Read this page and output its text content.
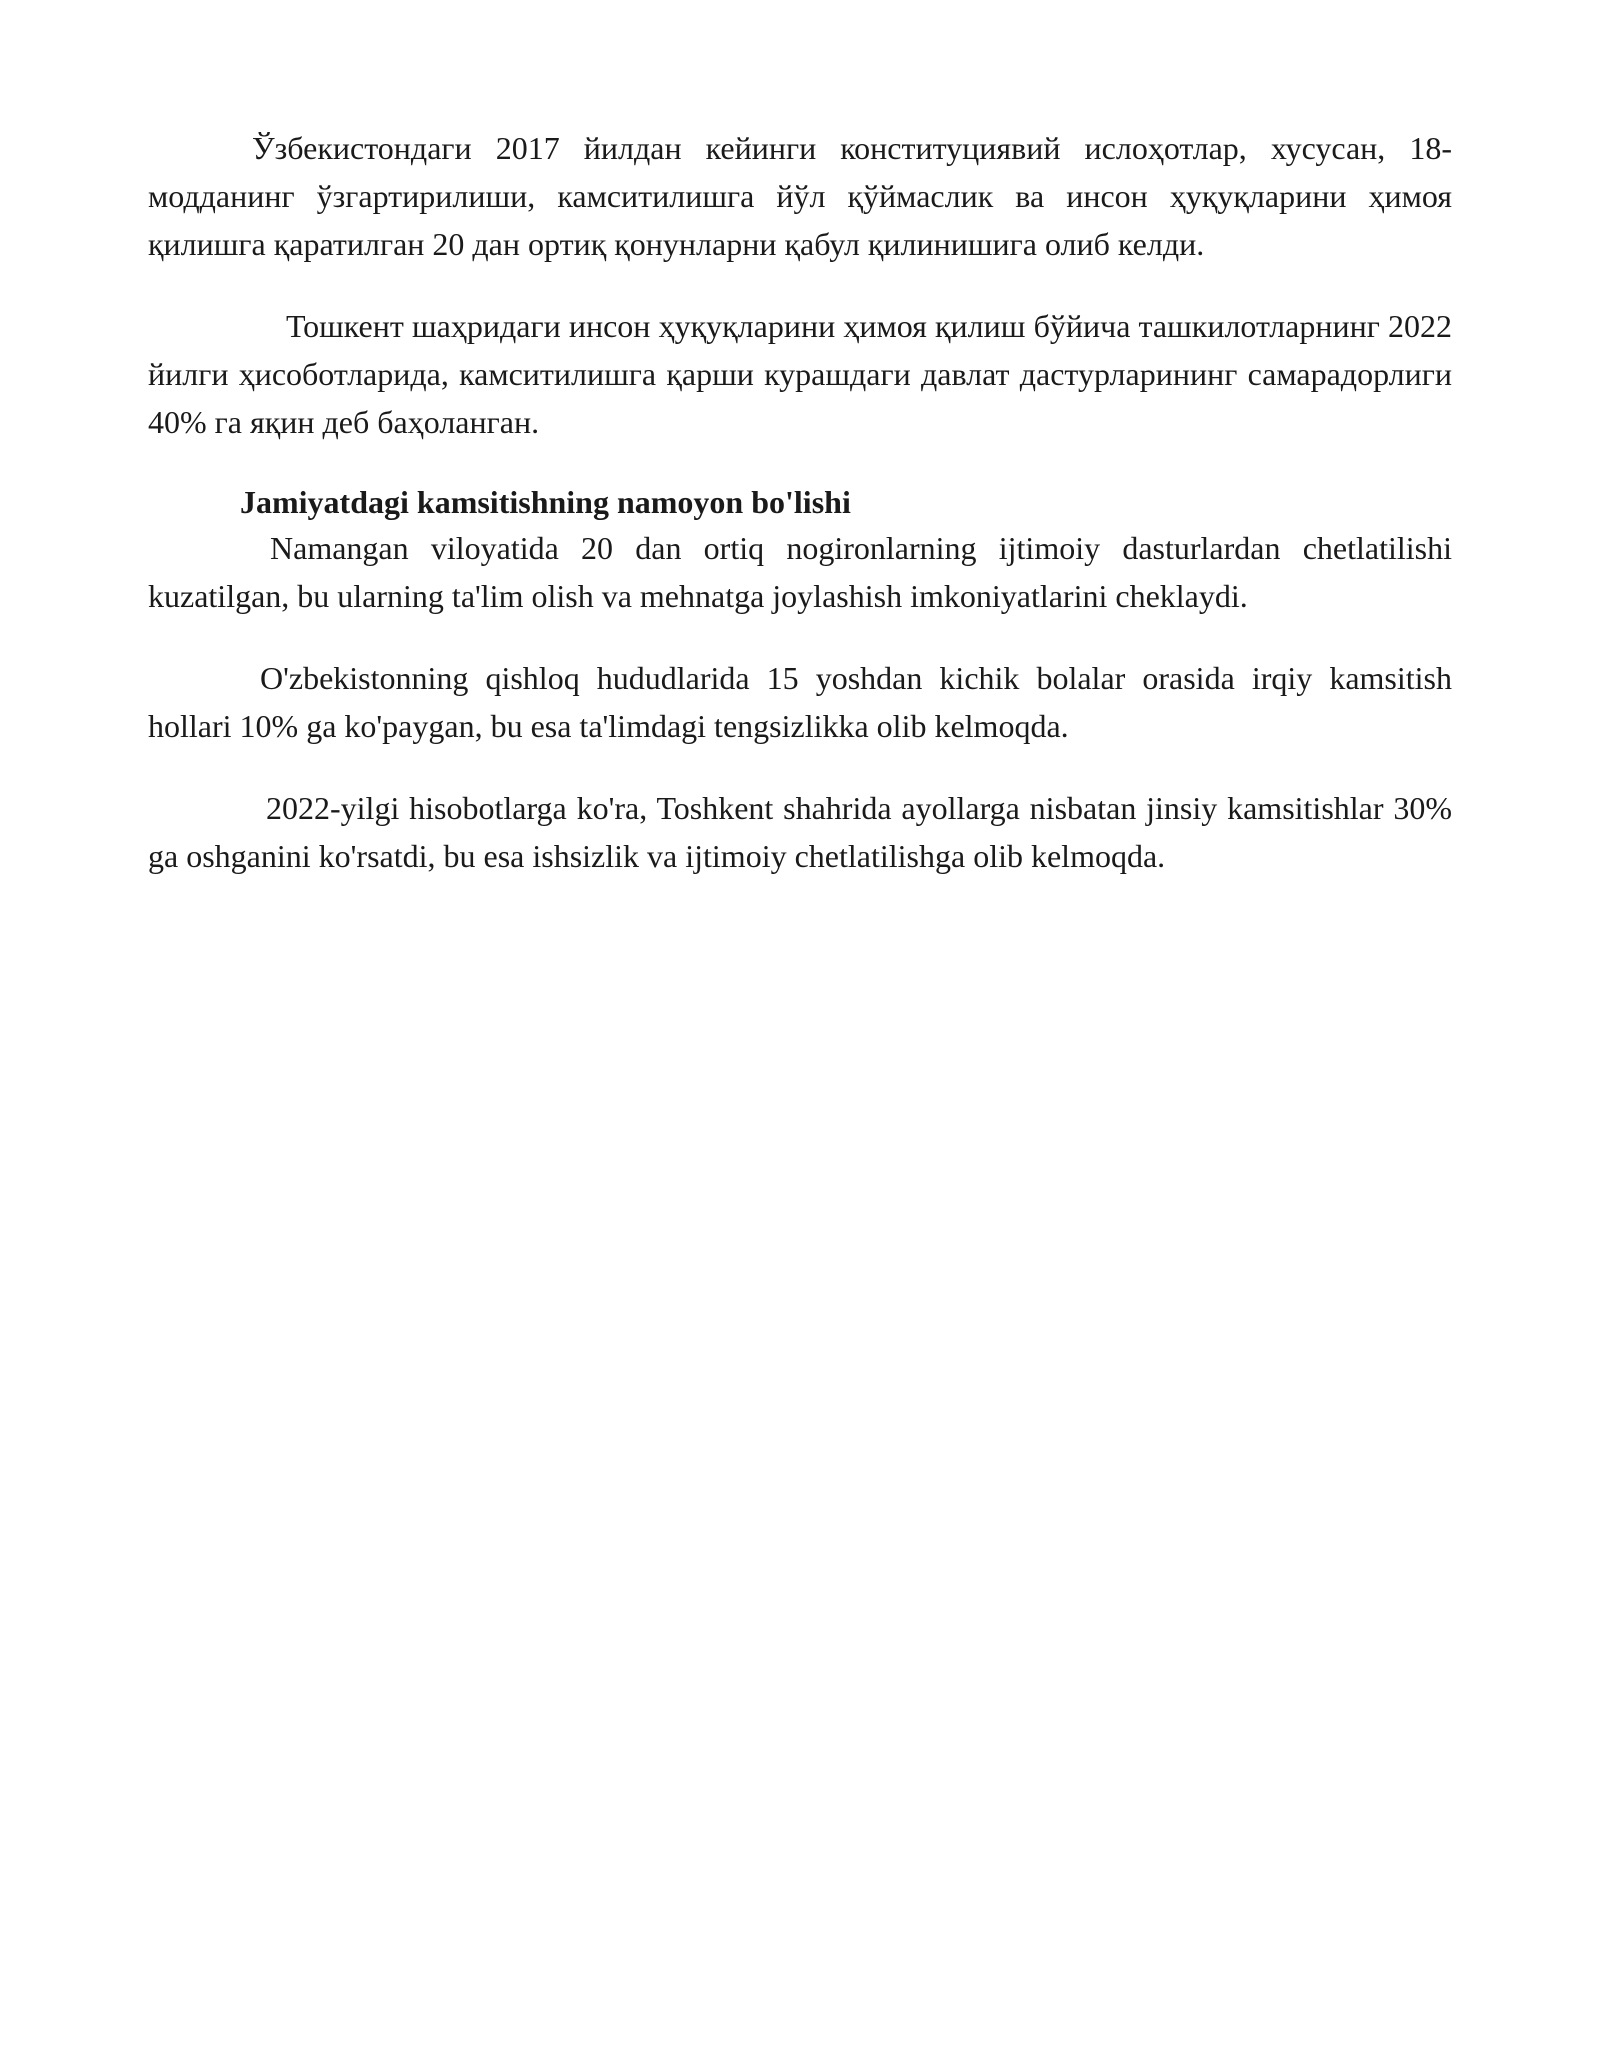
Ўзбекистондаги 2017 йилдан кейинги конституциявий ислоҳотлар, хусусан, 18-модданинг ўзгартирилиши, камситилишга йўл қўймаслик ва инсон ҳуқуқларини ҳимоя қилишга қаратилган 20 дан ортиқ қонунларни қабул қилинишига олиб келди.

Тошкент шаҳридаги инсон ҳуқуқларини ҳимоя қилиш бўйича ташкилотларнинг 2022 йилги ҳисоботларида, камситилишга қарши курашдаги давлат дастурларининг самарадорлиги 40% га яқин деб баҳоланган.

Jamiyatdagi kamsitishning namoyon bo'lishi

Namangan viloyatida 20 dan ortiq nogironlarning ijtimoiy dasturlardan chetlatilishi kuzatilgan, bu ularning ta'lim olish va mehnatga joylashish imkoniyatlarini cheklaydi.

O'zbekistonning qishloq hududlarida 15 yoshdan kichik bolalar orasida irqiy kamsitish hollari 10% ga ko'paygan, bu esa ta'limdagi tengsizlikka olib kelmoqda.

2022-yilgi hisobotlarga ko'ra, Toshkent shahrida ayollarga nisbatan jinsiy kamsitishlar 30% ga oshganini ko'rsatdi, bu esa ishsizlik va ijtimoiy chetlatilishga olib kelmoqda.
